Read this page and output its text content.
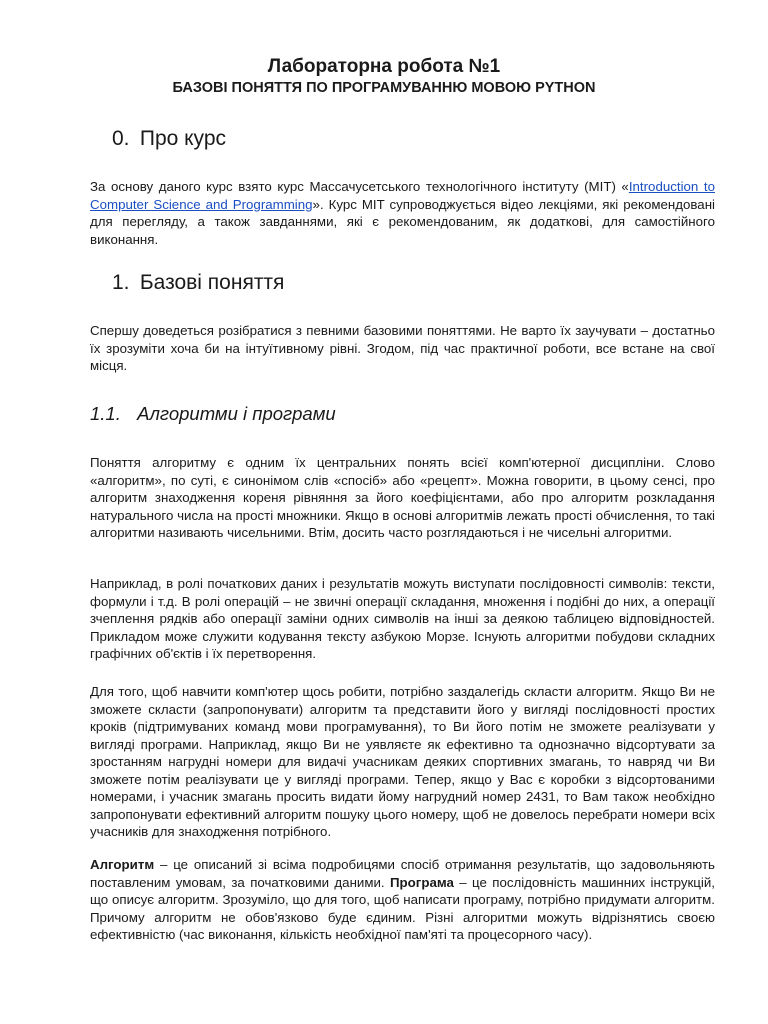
Лабораторна робота №1
БАЗОВІ ПОНЯТТЯ ПО ПРОГРАМУВАННЮ МОВОЮ PYTHON
0. Про курс

За основу даного курс взято курс Массачусетського технологічного інституту (MIT) «Introduction to Computer Science and Programming». Курс MIT супроводжується відео лекціями, які рекомендовані для перегляду, а також завданнями, які є рекомендованим, як додаткові, для самостійного виконання.

1. Базові поняття

Спершу доведеться розібратися з певними базовими поняттями. Не варто їх заучувати – достатньо їх зрозуміти хоча би на інтуїтивному рівні. Згодом, під час практичної роботи, все встане на свої місця.

1.1. Алгоритми і програми

Поняття алгоритму є одним їх центральних понять всієї комп'ютерної дисципліни. Слово «алгоритм», по суті, є синонімом слів «спосіб» або «рецепт». Можна говорити, в цьому сенсі, про алгоритм знаходження кореня рівняння за його коефіцієнтами, або про алгоритм розкладання натурального числа на прості множники. Якщо в основі алгоритмів лежать прості обчислення, то такі алгоритми називають чисельними. Втім, досить часто розглядаються і не чисельні алгоритми.

Наприклад, в ролі початкових даних і результатів можуть виступати послідовності символів: тексти, формули і т.д. В ролі операцій – не звичні операції складання, множення і подібні до них, а операції зчеплення рядків або операції заміни одних символів на інші за деякою таблицею відповідностей. Прикладом може служити кодування тексту азбукою Морзе. Існують алгоритми побудови складних графічних об'єктів і їх перетворення.

Для того, щоб навчити комп'ютер щось робити, потрібно заздалегідь скласти алгоритм. Якщо Ви не зможете скласти (запропонувати) алгоритм та представити його у вигляді послідовності простих кроків (підтримуваних команд мови програмування), то Ви його потім не зможете реалізувати у вигляді програми. Наприклад, якщо Ви не уявляєте як ефективно та однозначно відсортувати за зростанням нагрудні номери для видачі учасникам деяких спортивних змагань, то навряд чи Ви зможете потім реалізувати це у вигляді програми. Тепер, якщо у Вас є коробки з відсортованими номерами, і учасник змагань просить видати йому нагрудний номер 2431, то Вам також необхідно запропонувати ефективний алгоритм пошуку цього номеру, щоб не довелось перебрати номери всіх учасників для знаходження потрібного.

Алгоритм – це описаний зі всіма подробицями спосіб отримання результатів, що задовольняють поставленим умовам, за початковими даними. Програма – це послідовність машинних інструкцій, що описує алгоритм. Зрозуміло, що для того, щоб написати програму, потрібно придумати алгоритм. Причому алгоритм не обов'язково буде єдиним. Різні алгоритми можуть відрізнятись своєю ефективністю (час виконання, кількість необхідної пам'яті та процесорного часу).
